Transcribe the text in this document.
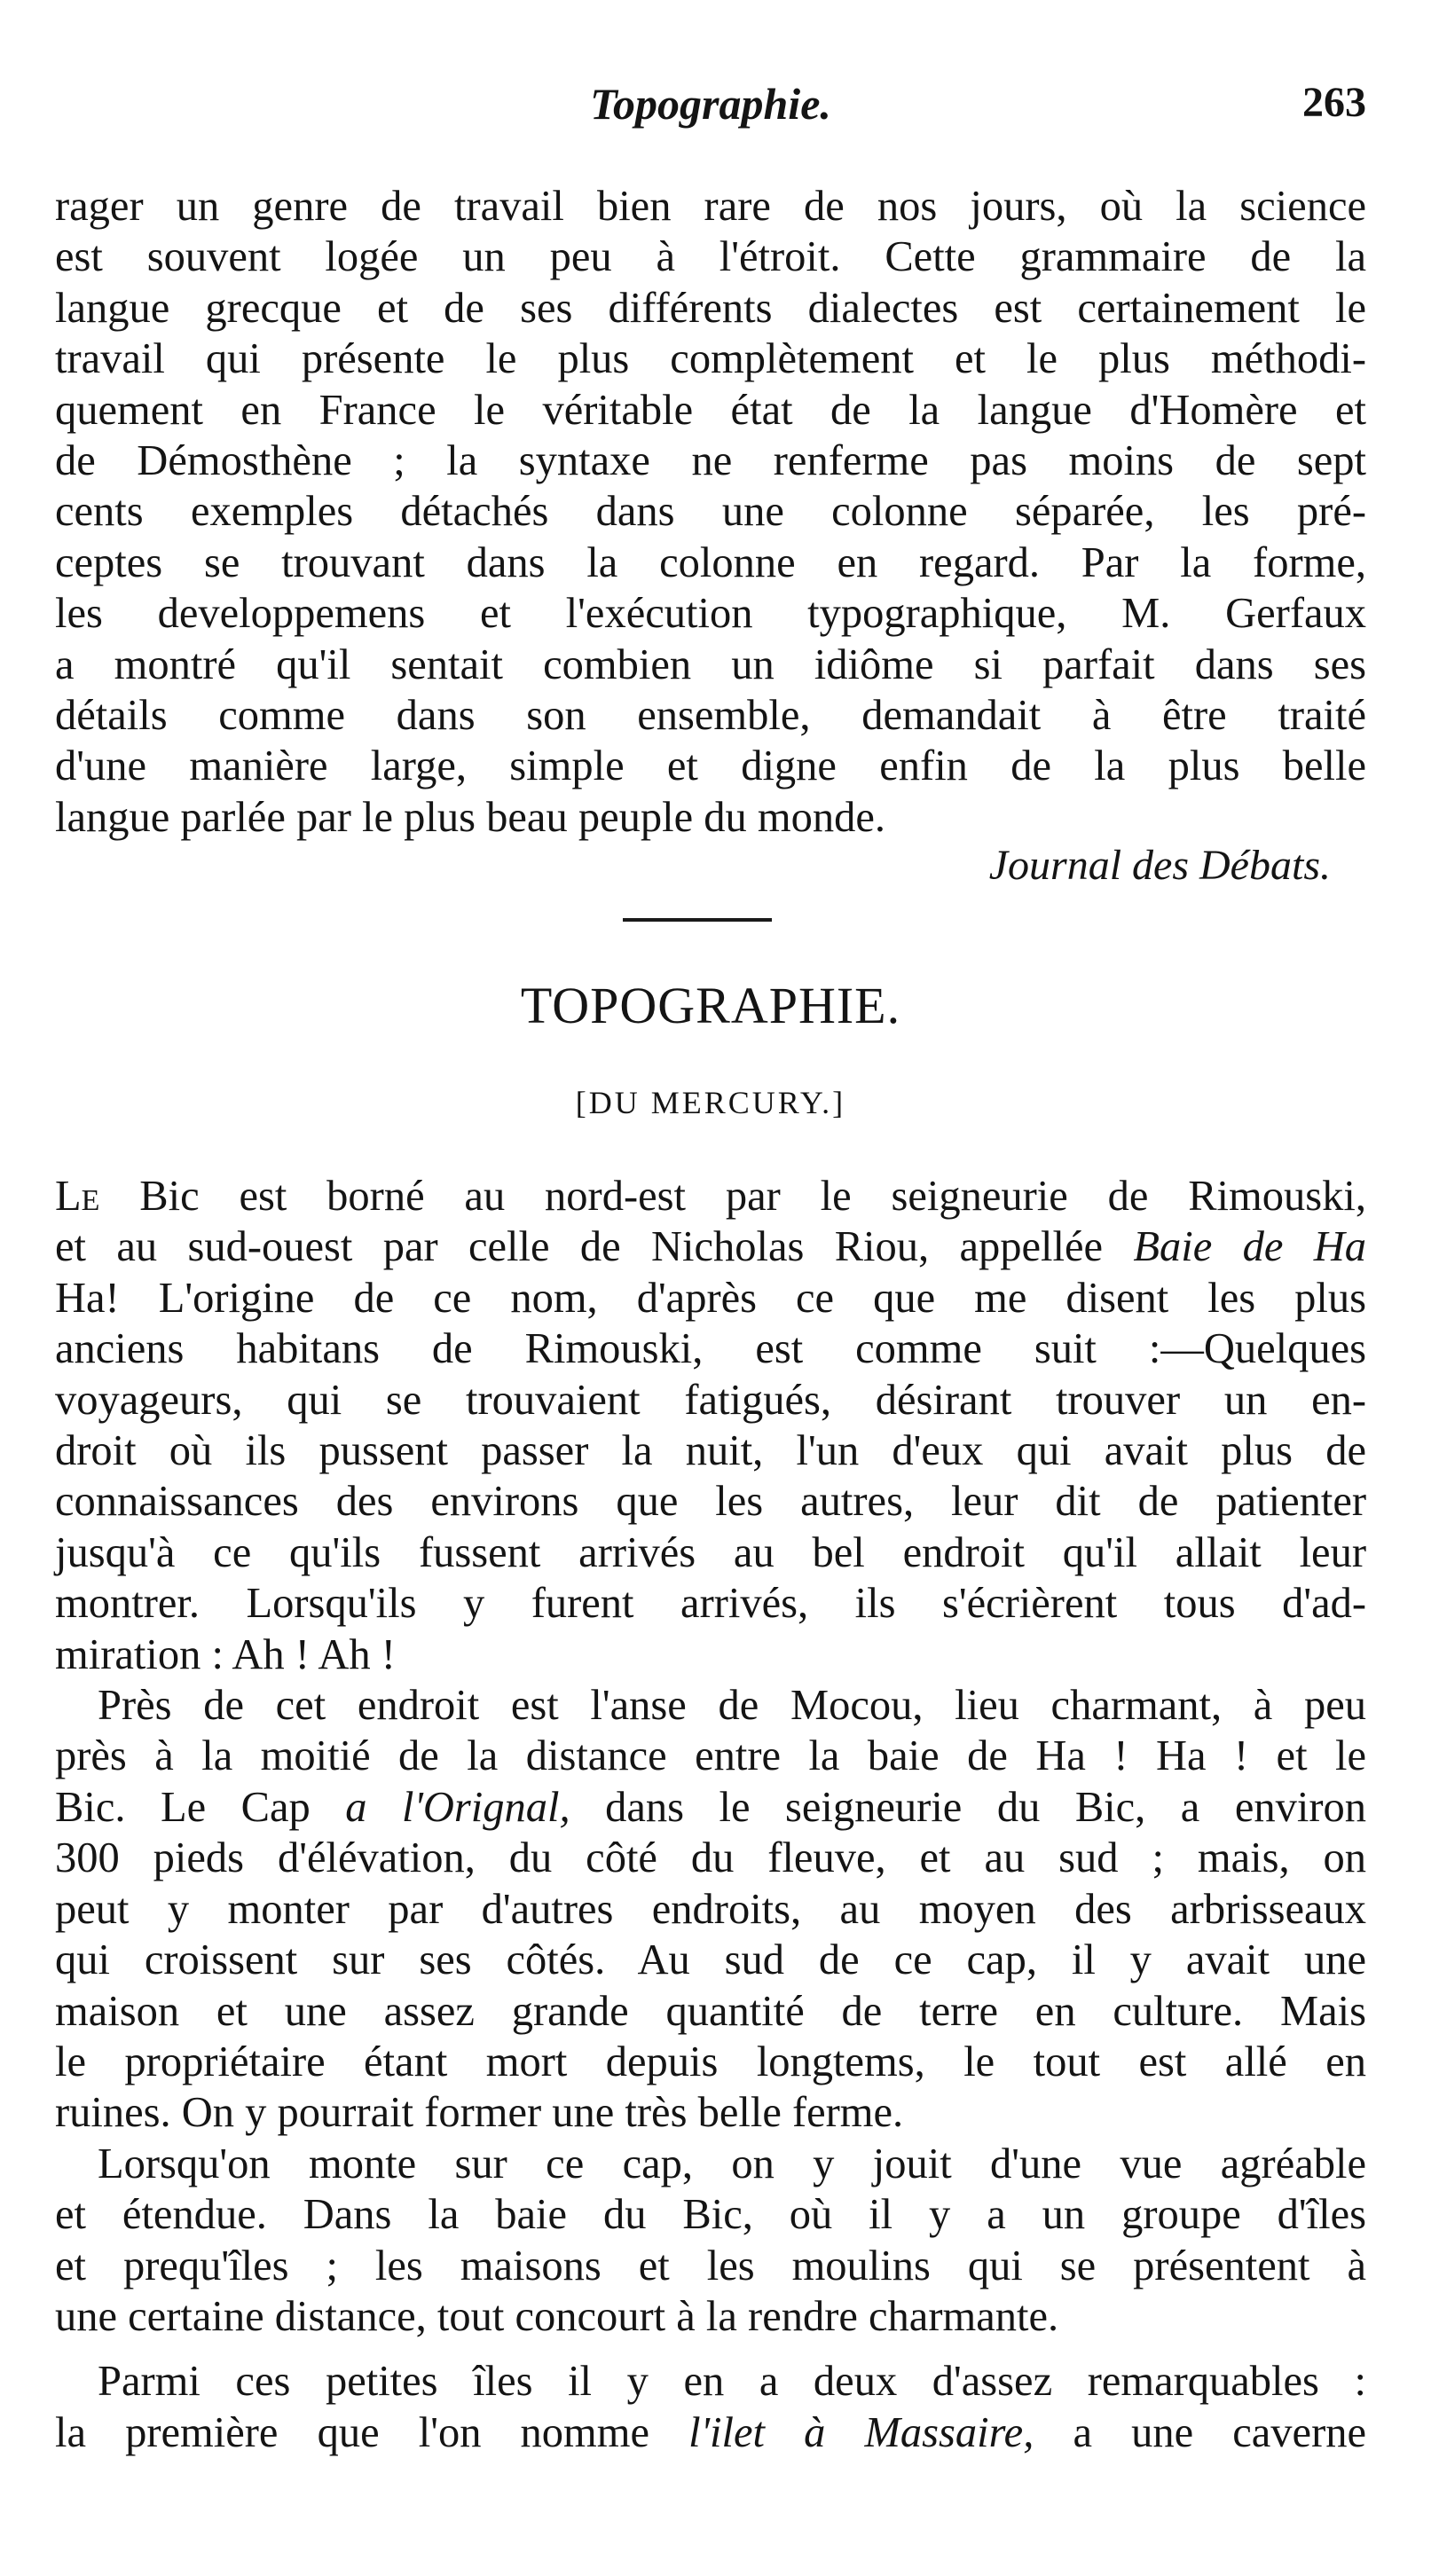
Topographie.	263
rager un genre de travail bien rare de nos jours, où la science
est souvent logée un peu à l'étroit. Cette grammaire de la
langue grecque et de ses différents dialectes est certainement le
travail qui présente le plus complètement et le plus méthodi-
quement en France le véritable état de la langue d'Homère et
de Démosthène ; la syntaxe ne renferme pas moins de sept
cents exemples détachés dans une colonne séparée, les pré-
ceptes se trouvant dans la colonne en regard. Par la forme,
les developpemens et l'exécution typographique, M. Gerfaux
a montré qu'il sentait combien un idiôme si parfait dans ses
détails comme dans son ensemble, demandait à être traité
d'une manière large, simple et digne enfin de la plus belle
langue parlée par le plus beau peuple du monde.
Journal des Débats.
TOPOGRAPHIE.
[DU MERCURY.]
Le Bic est borné au nord-est par le seigneurie de Rimouski,
et au sud-ouest par celle de Nicholas Riou, appellée Baie de Ha
Ha! L'origine de ce nom, d'après ce que me disent les plus
anciens habitans de Rimouski, est comme suit :—Quelques
voyageurs, qui se trouvaient fatigués, désirant trouver un en-
droit où ils pussent passer la nuit, l'un d'eux qui avait plus de
connaissances des environs que les autres, leur dit de patienter
jusqu'à ce qu'ils fussent arrivés au bel endroit qu'il allait leur
montrer. Lorsqu'ils y furent arrivés, ils s'écrièrent tous d'ad-
miration : Ah ! Ah !
Près de cet endroit est l'anse de Mocou, lieu charmant, à peu
près à la moitié de la distance entre la baie de Ha ! Ha ! et le
Bic. Le Cap a l'Orignal, dans le seigneurie du Bic, a environ
300 pieds d'élévation, du côté du fleuve, et au sud ; mais, on
peut y monter par d'autres endroits, au moyen des arbrisseaux
qui croissent sur ses côtés. Au sud de ce cap, il y avait une
maison et une assez grande quantité de terre en culture. Mais
le propriétaire étant mort depuis longtems, le tout est allé en
ruines. On y pourrait former une très belle ferme.
Lorsqu'on monte sur ce cap, on y jouit d'une vue agréable
et étendue. Dans la baie du Bic, où il y a un groupe d'îles
et prequ'îles ; les maisons et les moulins qui se présentent à
une certaine distance, tout concourt à la rendre charmante.
Parmi ces petites îles il y en a deux d'assez remarquables :
la première que l'on nomme l'ilet à Massaire, a une caverne
